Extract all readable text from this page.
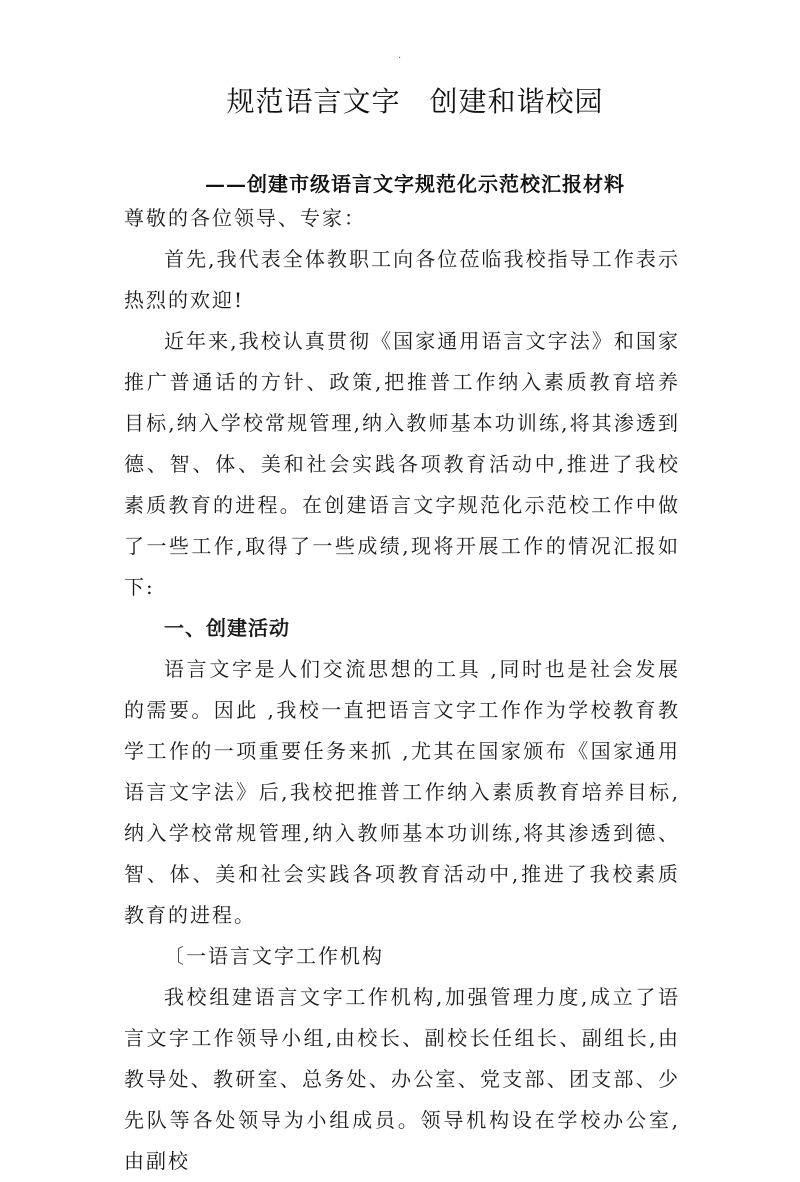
.
规范语言文字　创建和谐校园
——创建市级语言文字规范化示范校汇报材料

尊敬的各位领导、专家：

首先,我代表全体教职工向各位莅临我校指导工作表示热烈的欢迎!

近年来,我校认真贯彻《国家通用语言文字法》和国家推广普通话的方针、政策,把推普工作纳入素质教育培养目标,纳入学校常规管理,纳入教师基本功训练,将其渗透到德、智、体、美和社会实践各项教育活动中,推进了我校素质教育的进程。在创建语言文字规范化示范校工作中做了一些工作,取得了一些成绩,现将开展工作的情况汇报如下:

一、创建活动

语言文字是人们交流思想的工具 ,同时也是社会发展的需要。因此 ,我校一直把语言文字工作作为学校教育教学工作的一项重要任务来抓 ,尤其在国家颁布《国家通用语言文字法》后,我校把推普工作纳入素质教育培养目标,纳入学校常规管理,纳入教师基本功训练,将其渗透到德、智、体、美和社会实践各项教育活动中,推进了我校素质教育的进程。

〔一语言文字工作机构

我校组建语言文字工作机构,加强管理力度,成立了语言文字工作领导小组,由校长、副校长任组长、副组长,由教导处、教研室、总务处、办公室、党支部、团支部、少先队等各处领导为小组成员。领导机构设在学校办公室,由副校
